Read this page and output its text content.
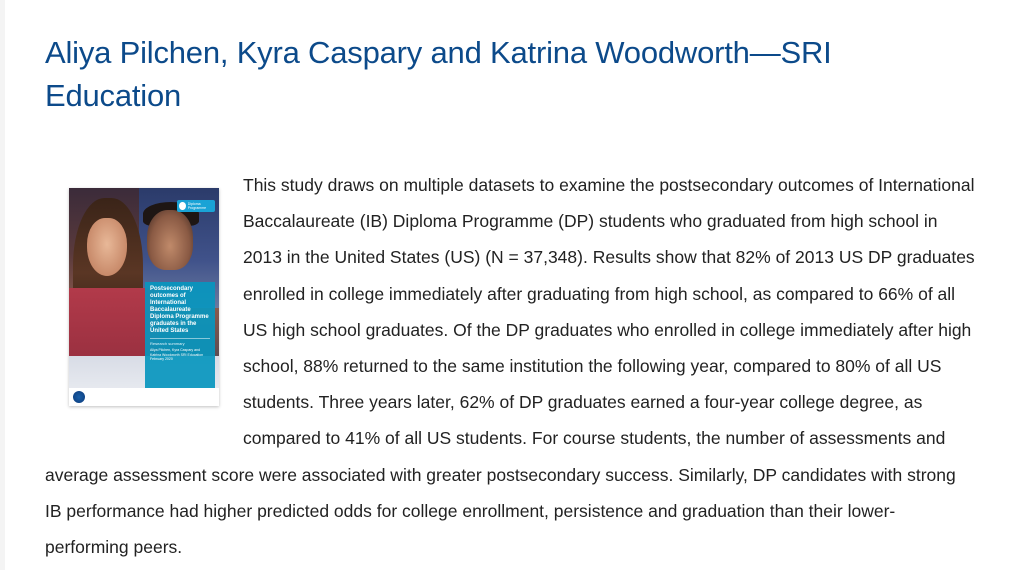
Aliya Pilchen, Kyra Caspary and Katrina Woodworth—SRI Education
Diploma Programme

Postsecondary outcomes of International Baccalaureate Diploma Programme graduates in the United States

Research summary
Aliya Pilchen, Kyra Caspary and Katrina Woodworth SRI Education February 2020
This study draws on multiple datasets to examine the postsecondary outcomes of International Baccalaureate (IB) Diploma Programme (DP) students who graduated from high school in 2013 in the United States (US) (N = 37,348). Results show that 82% of 2013 US DP graduates enrolled in college immediately after graduating from high school, as compared to 66% of all US high school graduates. Of the DP graduates who enrolled in college immediately after high school, 88% returned to the same institution the following year, compared to 80% of all US students. Three years later, 62% of DP graduates earned a four-year college degree, as compared to 41% of all US students. For course students, the number of assessments and average assessment score were associated with greater postsecondary success. Similarly, DP candidates with strong IB performance had higher predicted odds for college enrollment, persistence and graduation than their lower-performing peers.
